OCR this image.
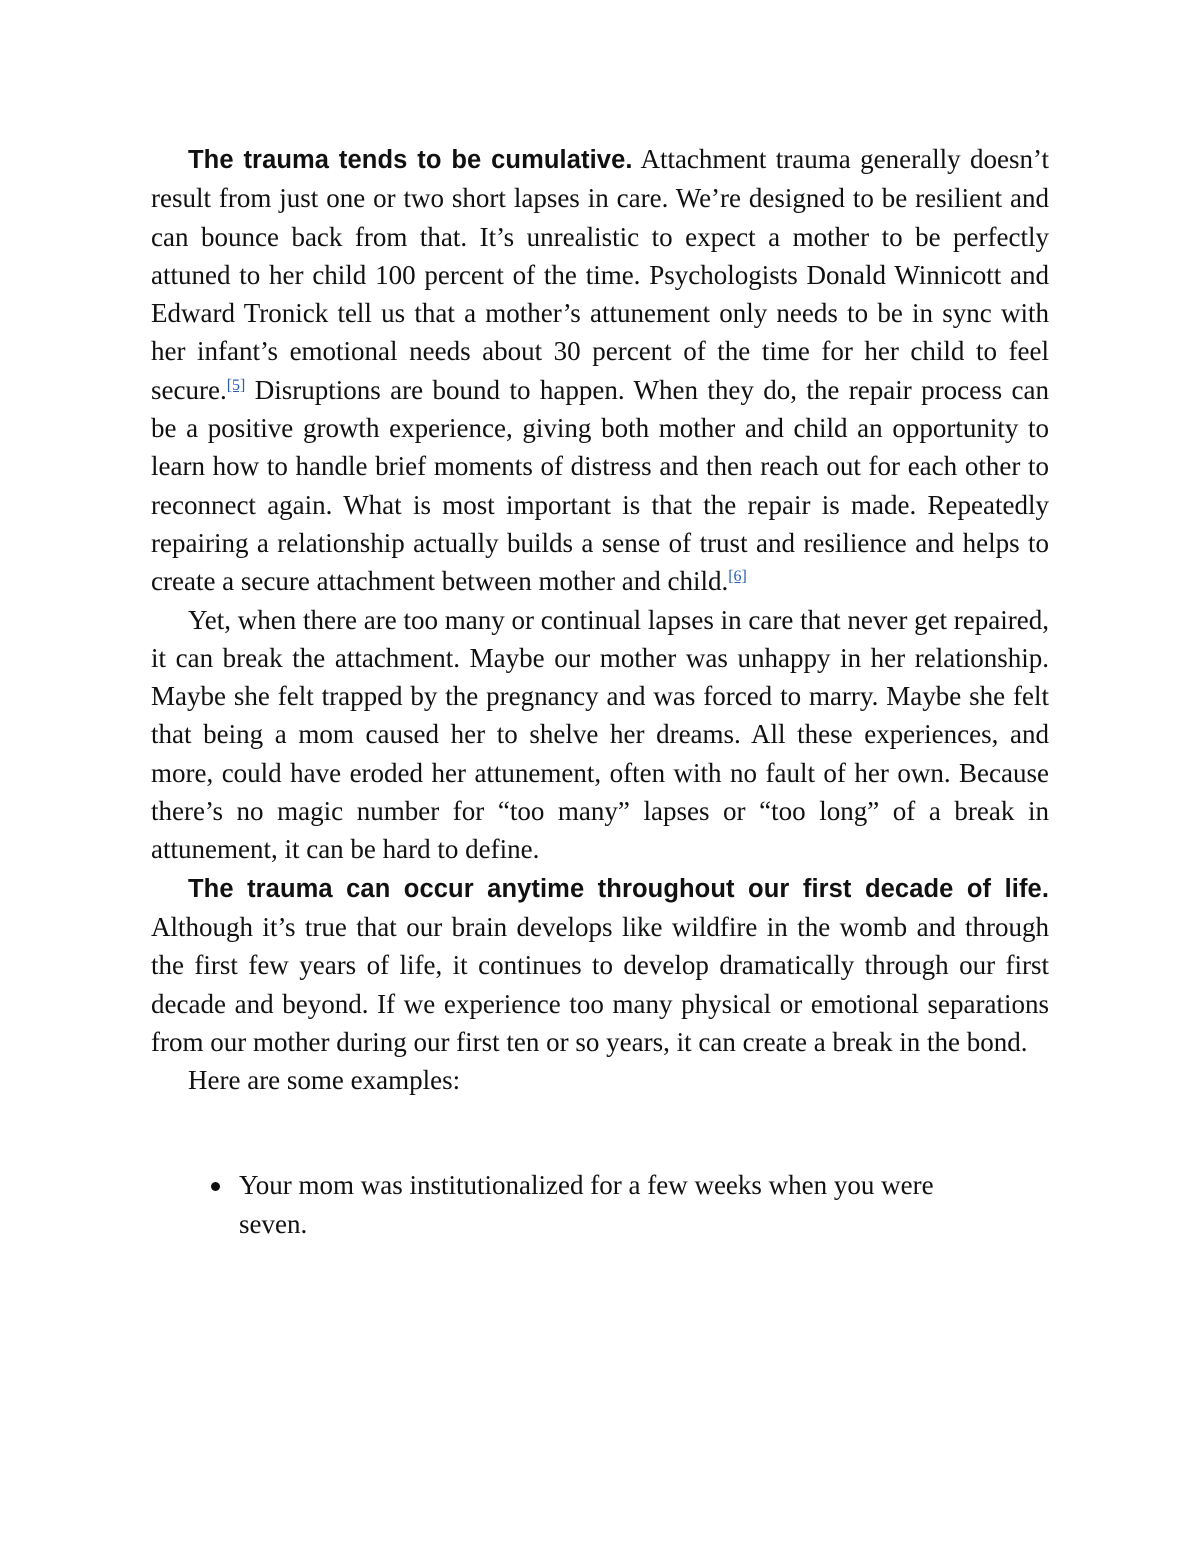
The trauma tends to be cumulative. Attachment trauma generally doesn’t result from just one or two short lapses in care. We’re designed to be resilient and can bounce back from that. It’s unrealistic to expect a mother to be perfectly attuned to her child 100 percent of the time. Psychologists Donald Winnicott and Edward Tronick tell us that a mother’s attunement only needs to be in sync with her infant’s emotional needs about 30 percent of the time for her child to feel secure.[5] Disruptions are bound to happen. When they do, the repair process can be a positive growth experience, giving both mother and child an opportunity to learn how to handle brief moments of distress and then reach out for each other to reconnect again. What is most important is that the repair is made. Repeatedly repairing a relationship actually builds a sense of trust and resilience and helps to create a secure attachment between mother and child.[6]

Yet, when there are too many or continual lapses in care that never get repaired, it can break the attachment. Maybe our mother was unhappy in her relationship. Maybe she felt trapped by the pregnancy and was forced to marry. Maybe she felt that being a mom caused her to shelve her dreams. All these experiences, and more, could have eroded her attunement, often with no fault of her own. Because there’s no magic number for “too many” lapses or “too long” of a break in attunement, it can be hard to define.

The trauma can occur anytime throughout our first decade of life. Although it’s true that our brain develops like wildfire in the womb and through the first few years of life, it continues to develop dramatically through our first decade and beyond. If we experience too many physical or emotional separations from our mother during our first ten or so years, it can create a break in the bond.

Here are some examples:

Your mom was institutionalized for a few weeks when you were seven.
